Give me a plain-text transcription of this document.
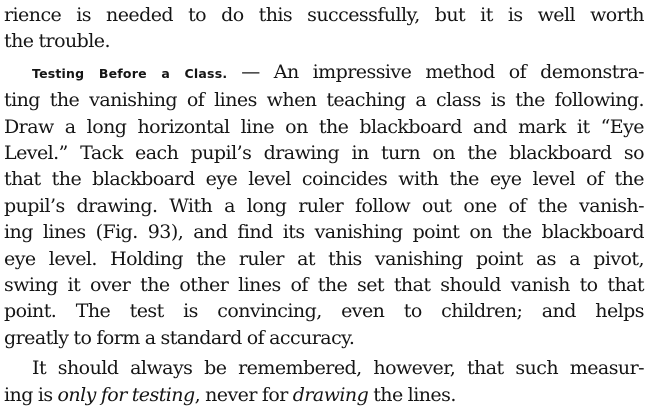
rience is needed to do this successfully, but it is well worth
the trouble.

Testing Before a Class. — An impressive method of demonstra-
ting the vanishing of lines when teaching a class is the following.
Draw a long horizontal line on the blackboard and mark it “Eye
Level.” Tack each pupil’s drawing in turn on the blackboard so
that the blackboard eye level coincides with the eye level of the
pupil’s drawing. With a long ruler follow out one of the vanish-
ing lines (Fig. 93), and find its vanishing point on the blackboard
eye level. Holding the ruler at this vanishing point as a pivot,
swing it over the other lines of the set that should vanish to that
point. The test is convincing, even to children; and helps
greatly to form a standard of accuracy.

It should always be remembered, however, that such measur-
ing is only for testing, never for drawing the lines.
